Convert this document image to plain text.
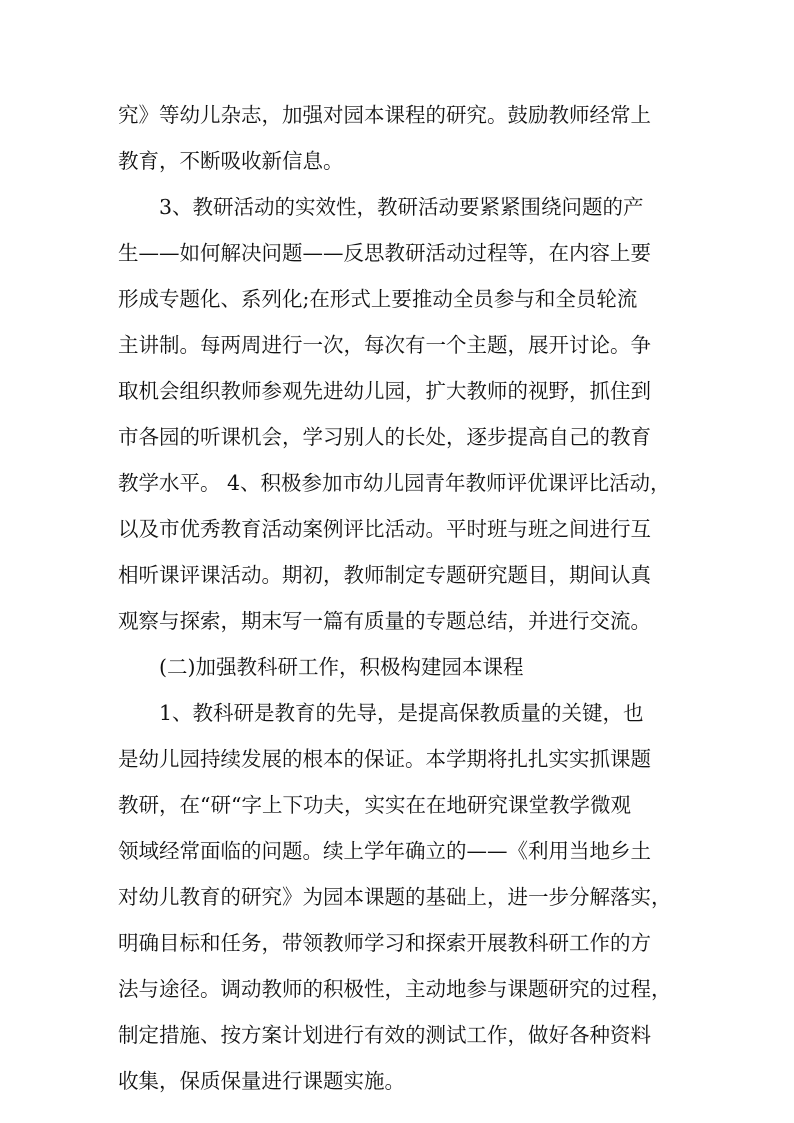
究》等幼儿杂志，加强对园本课程的研究。鼓励教师经常上

教育，不断吸收新信息。

3、教研活动的实效性，教研活动要紧紧围绕问题的产

生——如何解决问题——反思教研活动过程等，在内容上要

形成专题化、系列化;在形式上要推动全员参与和全员轮流

主讲制。每两周进行一次，每次有一个主题，展开讨论。争

取机会组织教师参观先进幼儿园，扩大教师的视野，抓住到

市各园的听课机会，学习别人的长处，逐步提高自己的教育

教学水平。 4、积极参加市幼儿园青年教师评优课评比活动，

以及市优秀教育活动案例评比活动。平时班与班之间进行互

相听课评课活动。期初，教师制定专题研究题目，期间认真

观察与探索，期末写一篇有质量的专题总结，并进行交流。

(二)加强教科研工作，积极构建园本课程

1、教科研是教育的先导，是提高保教质量的关键，也

是幼儿园持续发展的根本的保证。本学期将扎扎实实抓课题

教研，在“研“字上下功夫，实实在在地研究课堂教学微观

领域经常面临的问题。续上学年确立的——《利用当地乡土

对幼儿教育的研究》为园本课题的基础上，进一步分解落实，

明确目标和任务，带领教师学习和探索开展教科研工作的方

法与途径。调动教师的积极性，主动地参与课题研究的过程，

制定措施、按方案计划进行有效的测试工作，做好各种资料

收集，保质保量进行课题实施。
